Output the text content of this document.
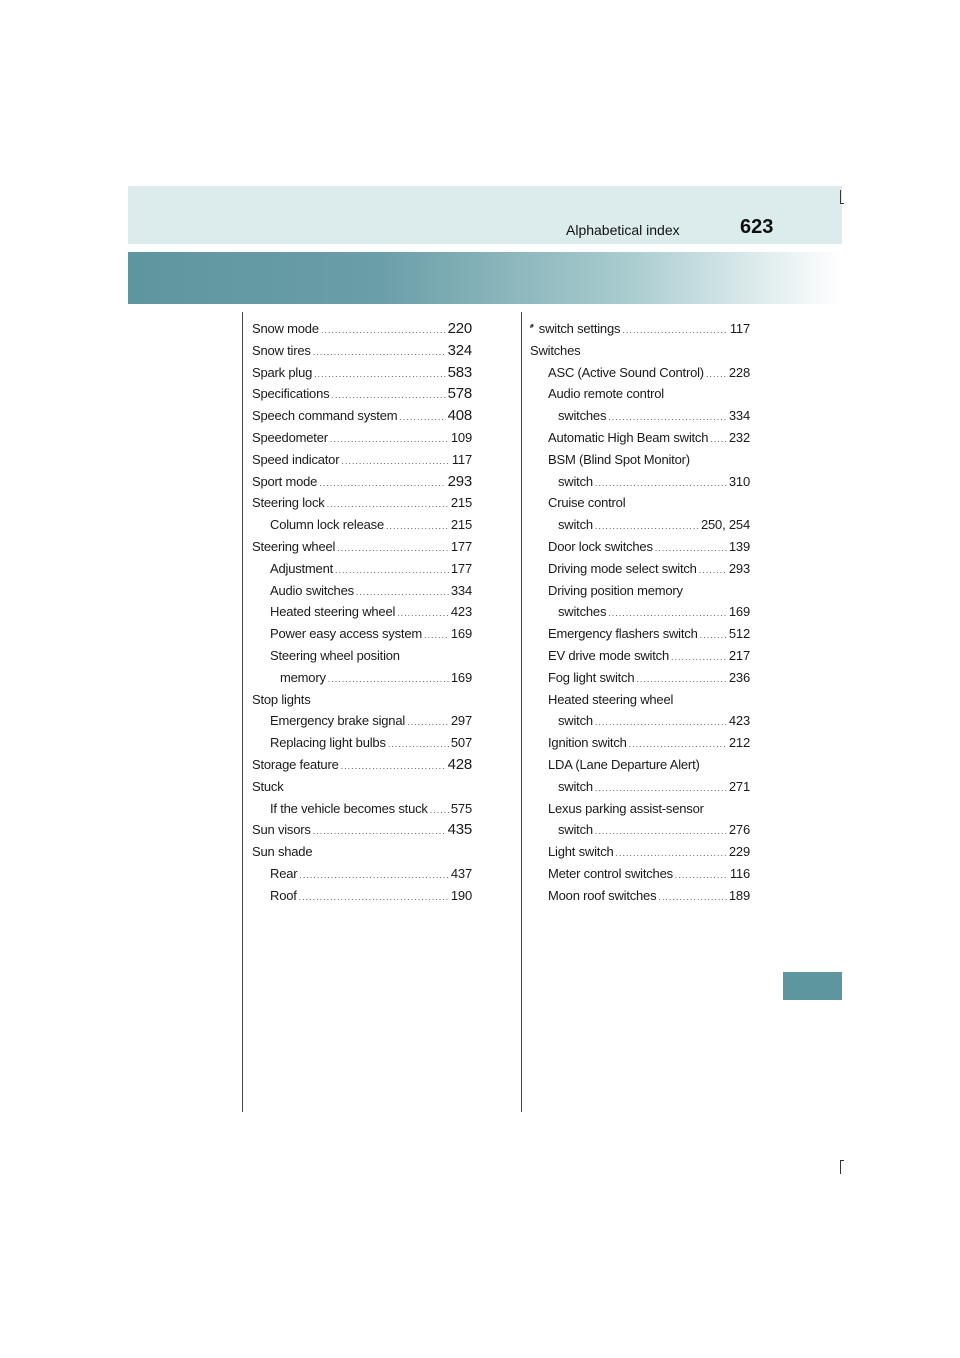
Alphabetical index	623
Snow mode .....	220
Snow tires .....	324
Spark plug .....	583
Specifications .....	578
Speech command system .....	408
Speedometer .....	109
Speed indicator .....	117
Sport mode .....	293
Steering lock .....	215
Column lock release .....	215
Steering wheel .....	177
Adjustment .....	177
Audio switches .....	334
Heated steering wheel .....	423
Power easy access system ..... 169
Steering wheel position
memory .....	169
Stop lights
Emergency brake signal .....	297
Replacing light bulbs .....	507
Storage feature .....	428
Stuck
If the vehicle becomes stuck ..... 575
Sun visors .....	435
Sun shade
Rear .....	437
Roof .....	190
switch settings .....	117
Switches
ASC (Active Sound Control) ..... 228
Audio remote control
switches .....	334
Automatic High Beam switch ..... 232
BSM (Blind Spot Monitor)
switch .....	310
Cruise control
switch .....	250, 254
Door lock switches .....	139
Driving mode select switch ..... 293
Driving position memory
switches .....	169
Emergency flashers switch ..... 512
EV drive mode switch .....	217
Fog light switch .....	236
Heated steering wheel
switch .....	423
Ignition switch .....	212
LDA (Lane Departure Alert)
switch .....	271
Lexus parking assist-sensor
switch .....	276
Light switch .....	229
Meter control switches .....	116
Moon roof switches .....	189
